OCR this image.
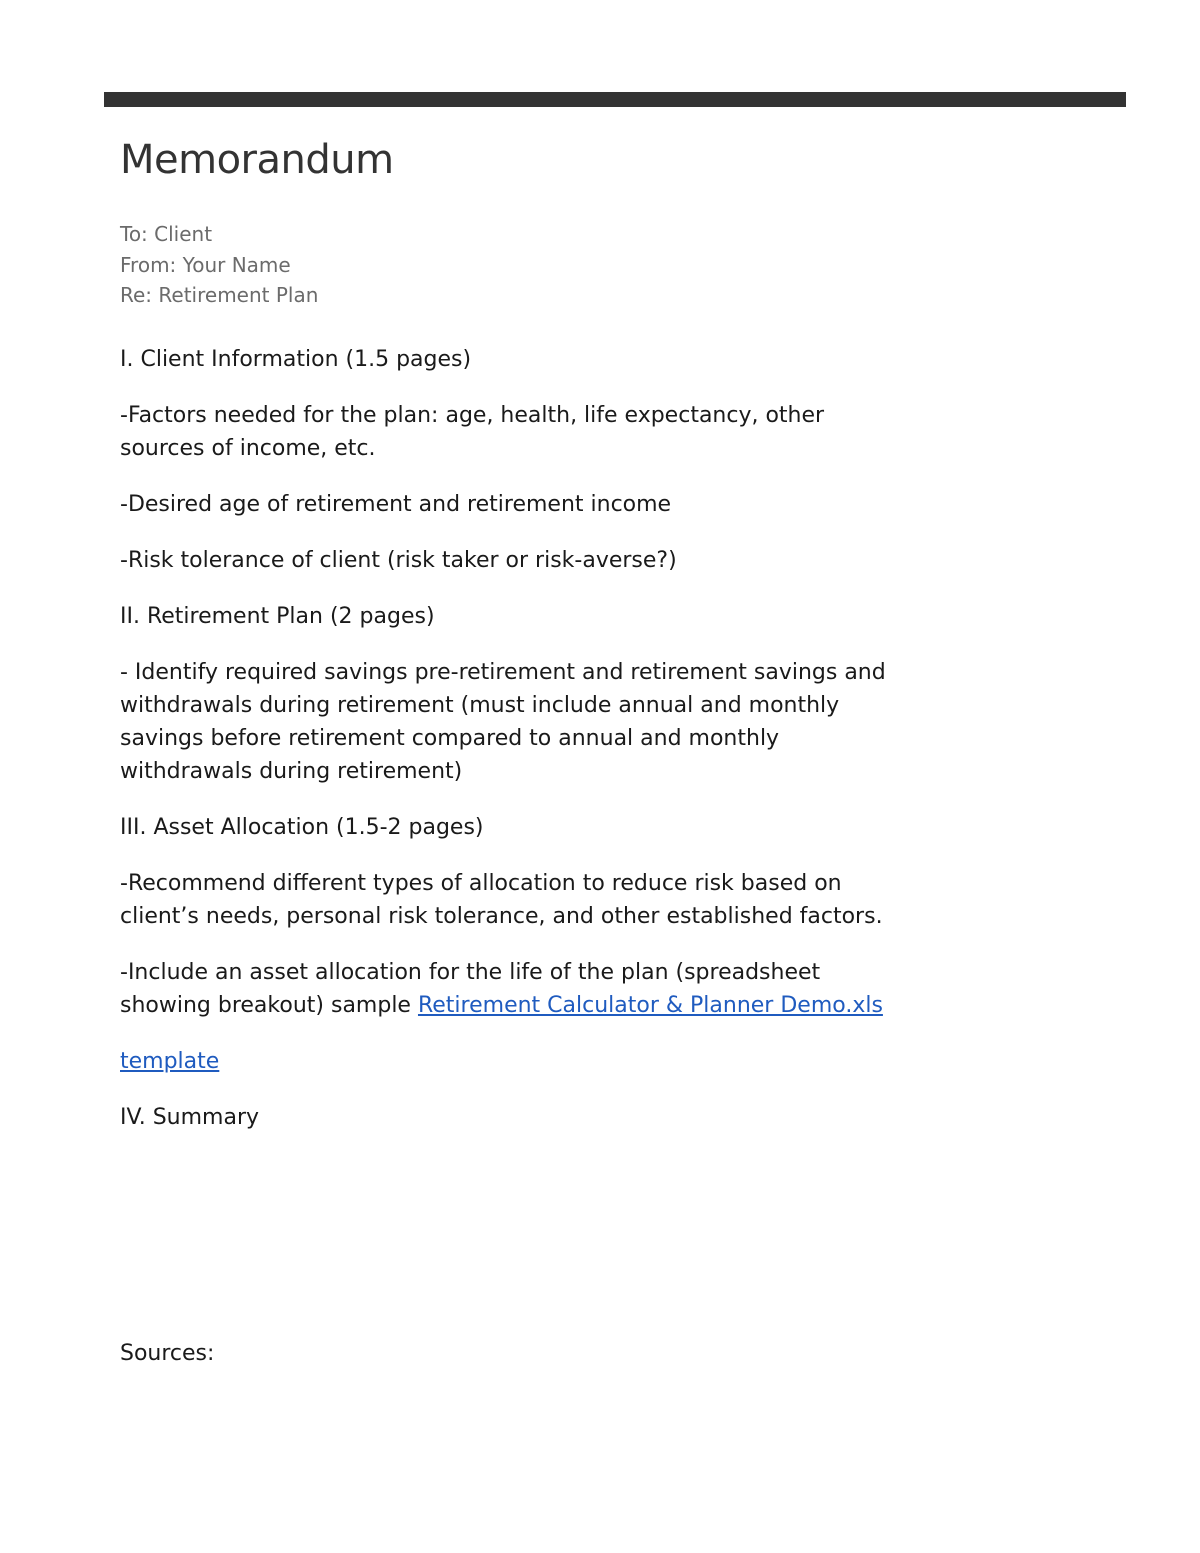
Memorandum
To: Client
From: Your Name
Re: Retirement Plan

I. Client Information (1.5 pages)

-Factors needed for the plan: age, health, life expectancy, other sources of income, etc.

-Desired age of retirement and retirement income

-Risk tolerance of client (risk taker or risk-averse?)

II. Retirement Plan (2 pages)

- Identify required savings pre-retirement and retirement savings and withdrawals during retirement (must include annual and monthly savings before retirement compared to annual and monthly withdrawals during retirement)

III. Asset Allocation (1.5-2 pages)

-Recommend different types of allocation to reduce risk based on client’s needs, personal risk tolerance, and other established factors.

-Include an asset allocation for the life of the plan (spreadsheet showing breakout) sample Retirement Calculator & Planner Demo.xls

template

IV. Summary

Sources:
